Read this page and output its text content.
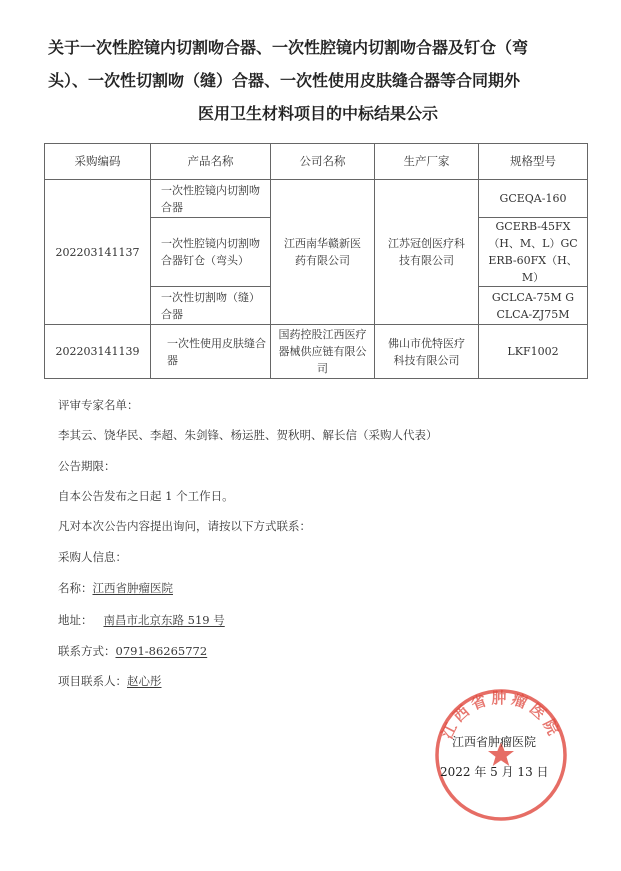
关于一次性腔镜内切割吻合器、一次性腔镜内切割吻合器及钉仓（弯
头）、一次性切割吻（缝）合器、一次性使用皮肤缝合器等合同期外
医用卫生材料项目的中标结果公示
采购编码	产品名称	公司名称	生产厂家	规格型号
202203141137	一次性腔镜内切割吻合器	江西南华赣新医药有限公司	江苏冠创医疗科技有限公司	GCEQA-160
	一次性腔镜内切割吻合器钉仓（弯头）			GCERB-45FX（H、M、L）GCERB-60FX（H、M）
	一次性切割吻（缝）合器			GCLCA-75M GCLCA-ZJ75M
202203141139	一次性使用皮肤缝合器	国药控股江西医疗器械供应链有限公司	佛山市优特医疗科技有限公司	LKF1002
评审专家名单：
李其云、饶华民、李超、朱剑锋、杨运胜、贺秋明、解长信（采购人代表）
公告期限：
自本公告发布之日起 1 个工作日。
凡对本次公告内容提出询问，请按以下方式联系：
采购人信息：
名称：江西省肿瘤医院
地址： 南昌市北京东路 519 号
联系方式：0791-86265772
项目联系人：赵心彤
江西省肿瘤医院
江西省肿瘤医院
2022 年 5 月 13 日
